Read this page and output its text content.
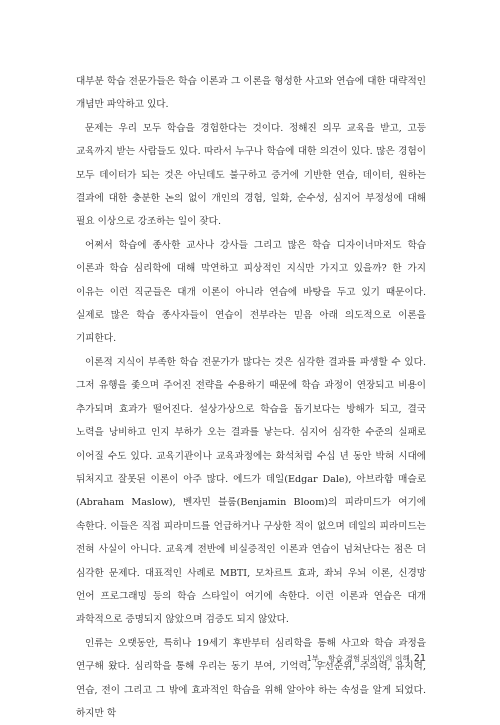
대부분 학습 전문가들은 학습 이론과 그 이론을 형성한 사고와 연습에 대한 대략적인 개념만 파악하고 있다.

문제는 우리 모두 학습을 경험한다는 것이다. 정해진 의무 교육을 받고, 고등 교육까지 받는 사람들도 있다. 따라서 누구나 학습에 대한 의견이 있다. 많은 경험이 모두 데이터가 되는 것은 아닌데도 불구하고 증거에 기반한 연습, 데이터, 원하는 결과에 대한 충분한 논의 없이 개인의 경험, 일화, 순수성, 심지어 부정성에 대해 필요 이상으로 강조하는 일이 잦다.

어쩌서 학습에 종사한 교사나 강사들 그리고 많은 학습 디자이너마저도 학습 이론과 학습 심리학에 대해 막연하고 피상적인 지식만 가지고 있을까? 한 가지 이유는 이런 직군들은 대개 이론이 아니라 연습에 바탕을 두고 있기 때문이다. 실제로 많은 학습 종사자들이 연습이 전부라는 믿음 아래 의도적으로 이론을 기피한다.

이론적 지식이 부족한 학습 전문가가 많다는 것은 심각한 결과를 파생할 수 있다. 그저 유행을 좇으며 주어진 전략을 수용하기 때문에 학습 과정이 연장되고 비용이 추가되며 효과가 떨어진다. 설상가상으로 학습을 돕기보다는 방해가 되고, 결국 노력을 낭비하고 인지 부하가 오는 결과를 낳는다. 심지어 심각한 수준의 실패로 이어질 수도 있다. 교육기관이나 교육과정에는 화석처럼 수십 년 동안 박혀 시대에 뒤처지고 잘못된 이론이 아주 많다. 에드가 데일(Edgar Dale), 아브라함 매슬로(Abraham Maslow), 벤자민 블룸(Benjamin Bloom)의 피라미드가 여기에 속한다. 이들은 직접 피라미드를 언급하거나 구상한 적이 없으며 데일의 피라미드는 전혀 사실이 아니다. 교육계 전반에 비실증적인 이론과 연습이 넘쳐난다는 점은 더 심각한 문제다. 대표적인 사례로 MBTI, 모차르트 효과, 좌뇌 우뇌 이론, 신경망 언어 프로그래밍 등의 학습 스타일이 여기에 속한다. 이런 이론과 연습은 대개 과학적으로 증명되지 않았으며 검증도 되지 않았다.

인류는 오랫동안, 특히나 19세기 후반부터 심리학을 통해 사고와 학습 과정을 연구해 왔다. 심리학을 통해 우리는 동기 부여, 기억력, 우선순위, 주의력, 유지력, 연습, 전이 그리고 그 밖에 효과적인 학습을 위해 알아야 하는 속성을 알게 되었다. 하지만 학

1부 _ 학습 경험 디자인의 이해 21
